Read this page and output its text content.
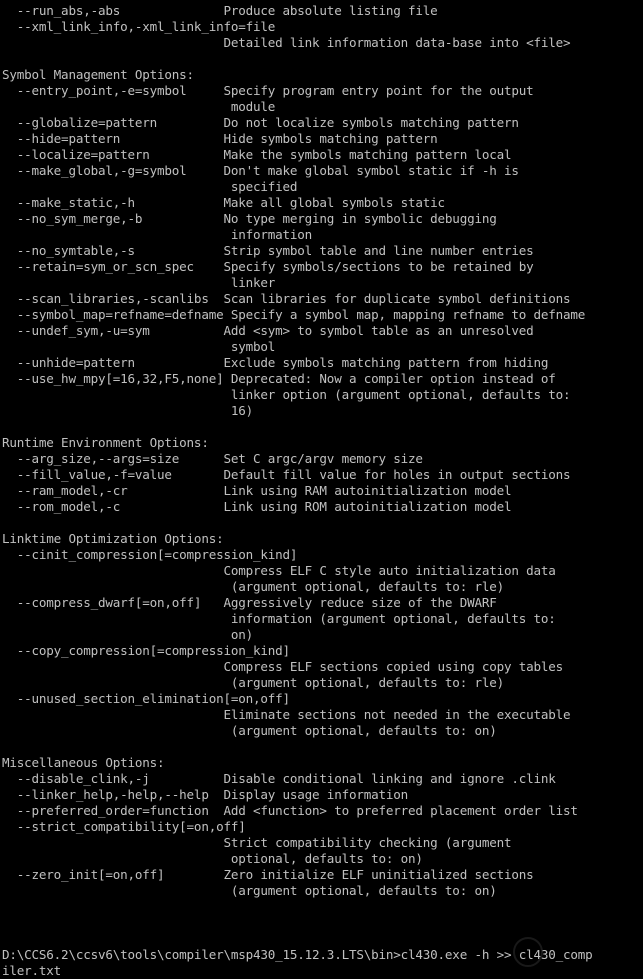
--run_abs,-abs              Produce absolute listing file
--xml_link_info,-xml_link_info=file
Detailed link information data-base into <file>
Symbol Management Options:
--entry_point,-e=symbol     Specify program entry point for the output
module
--globalize=pattern         Do not localize symbols matching pattern
--hide=pattern              Hide symbols matching pattern
--localize=pattern          Make the symbols matching pattern local
--make_global,-g=symbol     Don't make global symbol static if -h is
specified
--make_static,-h            Make all global symbols static
--no_sym_merge,-b           No type merging in symbolic debugging
information
--no_symtable,-s            Strip symbol table and line number entries
--retain=sym_or_scn_spec    Specify symbols/sections to be retained by
linker
--scan_libraries,-scanlibs  Scan libraries for duplicate symbol definitions
--symbol_map=refname=defname Specify a symbol map, mapping refname to defname
--undef_sym,-u=sym          Add <sym> to symbol table as an unresolved
symbol
--unhide=pattern            Exclude symbols matching pattern from hiding
--use_hw_mpy[=16,32,F5,none] Deprecated: Now a compiler option instead of
linker option (argument optional, defaults to:
16)
Runtime Environment Options:
--arg_size,--args=size      Set C argc/argv memory size
--fill_value,-f=value       Default fill value for holes in output sections
--ram_model,-cr             Link using RAM autoinitialization model
--rom_model,-c              Link using ROM autoinitialization model
Linktime Optimization Options:
--cinit_compression[=compression_kind]
Compress ELF C style auto initialization data
(argument optional, defaults to: rle)
--compress_dwarf[=on,off]   Aggressively reduce size of the DWARF
information (argument optional, defaults to:
on)
--copy_compression[=compression_kind]
Compress ELF sections copied using copy tables
(argument optional, defaults to: rle)
--unused_section_elimination[=on,off]
Eliminate sections not needed in the executable
(argument optional, defaults to: on)
Miscellaneous Options:
--disable_clink,-j          Disable conditional linking and ignore .clink
--linker_help,-help,--help  Display usage information
--preferred_order=function  Add <function> to preferred placement order list
--strict_compatibility[=on,off]
Strict compatibility checking (argument
optional, defaults to: on)
--zero_init[=on,off]        Zero initialize ELF uninitialized sections
(argument optional, defaults to: on)
D:\CCS6.2\ccsv6\tools\compiler\msp430_15.12.3.LTS\bin>cl430.exe -h >> cl430_comp
iler.txt
